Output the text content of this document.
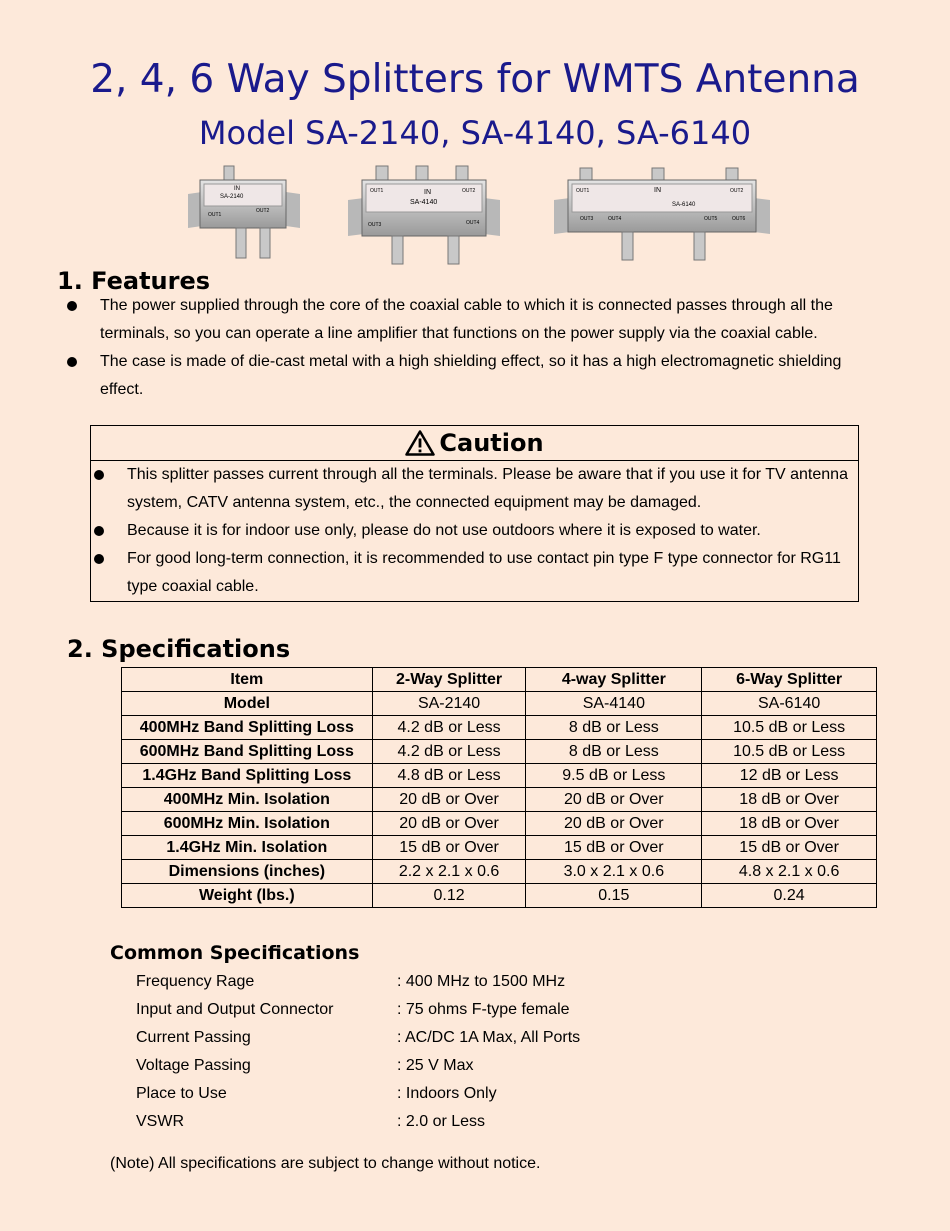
2, 4, 6 Way Splitters for WMTS Antenna
Model SA-2140, SA-4140, SA-6140
IN
SA-2140
OUT1
OUT2
IN
SA-4140
OUT1	OUT2
OUT3	OUT4
IN
SA-6140
OUT1	OUT2
OUT3	OUT4	OUT5	OUT6
1. Features
The power supplied through the core of the coaxial cable to which it is connected passes through all the terminals, so you can operate a line amplifier that functions on the power supply via the coaxial cable.
The case is made of die-cast metal with a high shielding effect, so it has a high electromagnetic shielding effect.
Caution
This splitter passes current through all the terminals. Please be aware that if you use it for TV antenna system, CATV antenna system, etc., the connected equipment may be damaged.
Because it is for indoor use only, please do not use outdoors where it is exposed to water.
For good long-term connection, it is recommended to use contact pin type F type connector for RG11 type coaxial cable.
2. Specifications
Item	2-Way Splitter	4-way Splitter	6-Way Splitter
Model	SA-2140	SA-4140	SA-6140
400MHz Band Splitting Loss	4.2 dB or Less	8 dB or Less	10.5 dB or Less
600MHz Band Splitting Loss	4.2 dB or Less	8 dB or Less	10.5 dB or Less
1.4GHz Band Splitting Loss	4.8 dB or Less	9.5 dB or Less	12 dB or Less
400MHz Min. Isolation	20 dB or Over	20 dB or Over	18 dB or Over
600MHz Min. Isolation	20 dB or Over	20 dB or Over	18 dB or Over
1.4GHz Min. Isolation	15 dB or Over	15 dB or Over	15 dB or Over
Dimensions (inches)	2.2 x 2.1 x 0.6	3.0 x 2.1 x 0.6	4.8 x 2.1 x 0.6
Weight (lbs.)	0.12	0.15	0.24
Common Specifications
Frequency Rage	: 400 MHz to 1500 MHz
Input and Output Connector	: 75 ohms F-type female
Current Passing	: AC/DC 1A Max, All Ports
Voltage Passing	: 25 V Max
Place to Use	: Indoors Only
VSWR	: 2.0 or Less
(Note) All specifications are subject to change without notice.
